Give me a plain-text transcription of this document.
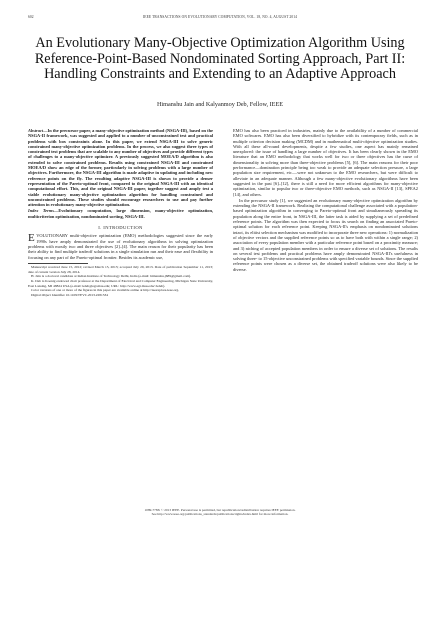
602	IEEE TRANSACTIONS ON EVOLUTIONARY COMPUTATION, VOL. 18, NO. 4, AUGUST 2014
An Evolutionary Many-Objective Optimization Algorithm Using Reference-Point-Based Nondominated Sorting Approach, Part II: Handling Constraints and Extending to an Adaptive Approach
Himanshu Jain and Kalyanmoy Deb, Fellow, IEEE

Abstract—In the precursor paper, a many-objective optimization method (NSGA-III), based on the NSGA-II framework, was suggested and applied to a number of unconstrained test and practical problems with box constraints alone. In this paper, we extend NSGA-III to solve generic constrained many-objective optimization problems. In the process, we also suggest three types of constrained test problems that are scalable to any number of objectives and provide different types of challenges to a many-objective optimizer. A previously suggested MOEA/D algorithm is also extended to solve constrained problems. Results using constrained NSGA-III and constrained MOEA/D show an edge of the former, particularly in solving problems with a large number of objectives. Furthermore, the NSGA-III algorithm is made adaptive in updating and including new reference points on the fly. The resulting adaptive NSGA-III is shown to provide a denser representation of the Pareto-optimal front, compared to the original NSGA-III with an identical computational effort. This, and the original NSGA-III paper, together suggest and amply test a viable evolutionary many-objective optimization algorithm for handling constrained and unconstrained problems. These studies should encourage researchers to use and pay further attention in evolutionary many-objective optimization.

Index Terms—Evolutionary computation, large dimension, many-objective optimization, multicriterion optimization, nondominated sorting, NSGA-III.

I. INTRODUCTION

EVOLUTIONARY multi-objective optimization (EMO) methodologies suggested since the early 1990s have amply demonstrated the use of evolutionary algorithms in solving optimization problems with mostly two and three objectives [2]–[4]. The main reason for their popularity has been their ability to find multiple tradeoff solutions in a single simulation run and their ease and flexibility in focusing on any part of the Pareto-optimal frontier. Besides its academic use,

Manuscript received June 15, 2012; revised March 15, 2013; accepted July 29, 2013. Date of publication September 11, 2013; date of current version July 28, 2014.

H. Jain is a doctoral candidate at Indian Institute of Technology Delhi, India (e-mail: himanshu.j689@gmail.com).

K. Deb is Koenig endowed chair professor at the Department of Electrical and Computer Engineering, Michigan State University, East Lansing, MI 48824 USA (e-mail: kdeb@egr.msu.edu; URL: http://www.egr.msu.edu/~kdeb).

Color versions of one or more of the figures in this paper are available online at http://ieeexplore.ieee.org.

Digital Object Identifier 10.1109/TEVC.2013.2281534

EMO has also been practiced in industries, mainly due to the availability of a number of commercial EMO softwares. EMO has also been diversified to hybridize with its contemporary fields, such as in multiple criterion decision making (MCDM) and in mathematical multi-objective optimization studies. With all these all-round developments, despite a few studies, one aspect has mainly remained unexplored: the issue of handling a large number of objectives. It has been clearly shown in the EMO literature that an EMO methodology that works well for two or three objectives has the curse of dimensionality in solving more than three-objective problems [5], [6]. The main reasons for their poor performance—domination principle being too weak to provide an adequate selection pressure, a large population size requirement, etc.—were not unknown to the EMO researchers, but were difficult to alleviate in an adequate manner. Although a few many-objective evolutionary algorithms have been suggested in the past [6]–[12], there is still a need for more efficient algorithms for many-objective optimization, similar to popular two or three-objective EMO methods, such as NSGA-II [13], SPEA2 [14], and others.

In the precursor study [1], we suggested an evolutionary many-objective optimization algorithm by extending the NSGA-II framework. Realizing the computational challenge associated with a population-based optimization algorithm in converging to Pareto-optimal front and simultaneously spreading its population along the entire front, in NSGA-III, the latter task is aided by supplying a set of predefined reference points. The algorithm was then expected to focus its search on finding an associated Pareto-optimal solution for each reference point. Keeping NSGA-II's emphasis on nondominated solutions intact, its elitist selection mechanism was modified to incorporate three new operations: 1) normalization of objective vectors and the supplied reference points so as to have both with within a single range; 2) association of every population member with a particular reference point based on a proximity measure; and 3) niching of accepted population members in order to ensure a diverse set of solutions. The results on several test problems and practical problems have amply demonstrated NSGA-III's usefulness in solving three- to 15-objective unconstrained problems with specified variable bounds. Since the supplied reference points were chosen as a diverse set, the obtained tradeoff solutions were also likely to be diverse.

1089-778X © 2013 IEEE. Personal use is permitted, but republication/redistribution requires IEEE permission.
See http://www.ieee.org/publications_standards/publications/rights/index.html for more information.
